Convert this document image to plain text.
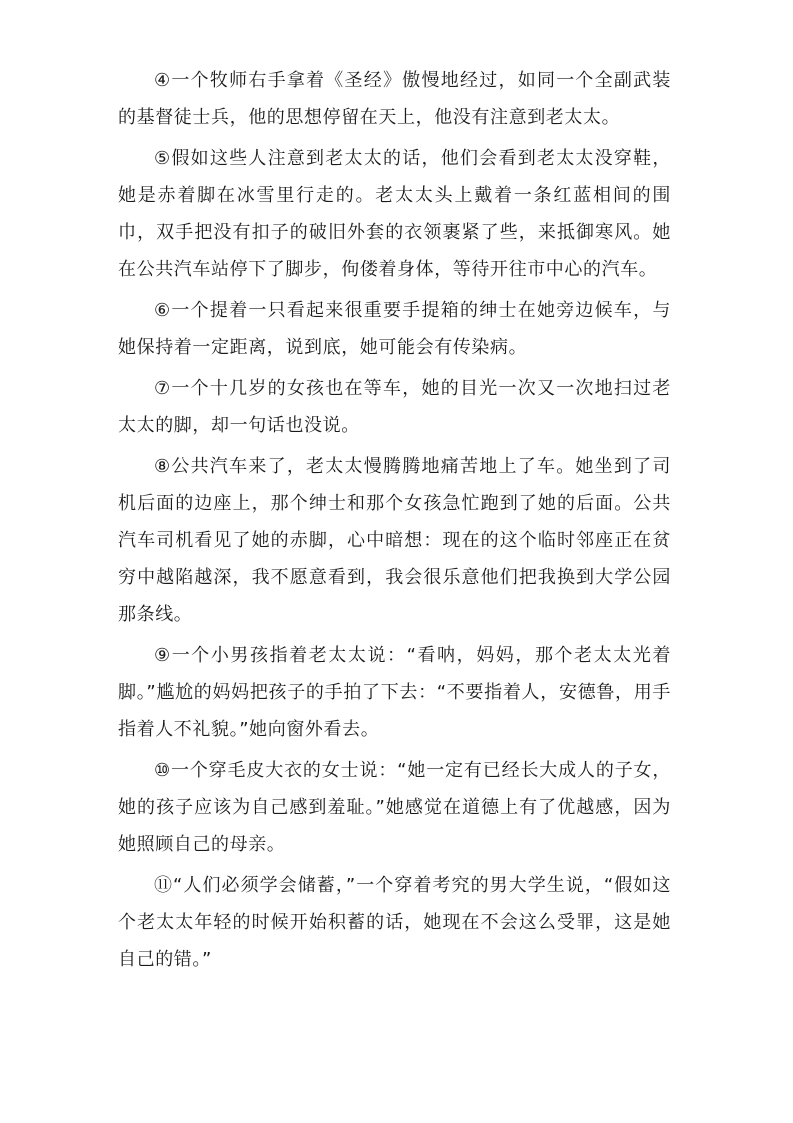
④一个牧师右手拿着《圣经》傲慢地经过，如同一个全副武装的基督徒士兵，他的思想停留在天上，他没有注意到老太太。

⑤假如这些人注意到老太太的话，他们会看到老太太没穿鞋，她是赤着脚在冰雪里行走的。老太太头上戴着一条红蓝相间的围巾，双手把没有扣子的破旧外套的衣领裹紧了些，来抵御寒风。她在公共汽车站停下了脚步，佝偻着身体，等待开往市中心的汽车。

⑥一个提着一只看起来很重要手提箱的绅士在她旁边候车，与她保持着一定距离，说到底，她可能会有传染病。

⑦一个十几岁的女孩也在等车，她的目光一次又一次地扫过老太太的脚，却一句话也没说。

⑧公共汽车来了，老太太慢腾腾地痛苦地上了车。她坐到了司机后面的边座上，那个绅士和那个女孩急忙跑到了她的后面。公共汽车司机看见了她的赤脚，心中暗想：现在的这个临时邻座正在贫穷中越陷越深，我不愿意看到，我会很乐意他们把我换到大学公园那条线。

⑨一个小男孩指着老太太说：“看呐，妈妈，那个老太太光着脚。”尴尬的妈妈把孩子的手拍了下去：“不要指着人，安德鲁，用手指着人不礼貌。”她向窗外看去。

⑩一个穿毛皮大衣的女士说：“她一定有已经长大成人的子女，她的孩子应该为自己感到羞耻。”她感觉在道德上有了优越感，因为她照顾自己的母亲。

⑪“人们必须学会储蓄，”一个穿着考究的男大学生说，“假如这个老太太年轻的时候开始积蓄的话，她现在不会这么受罪，这是她自己的错。”
